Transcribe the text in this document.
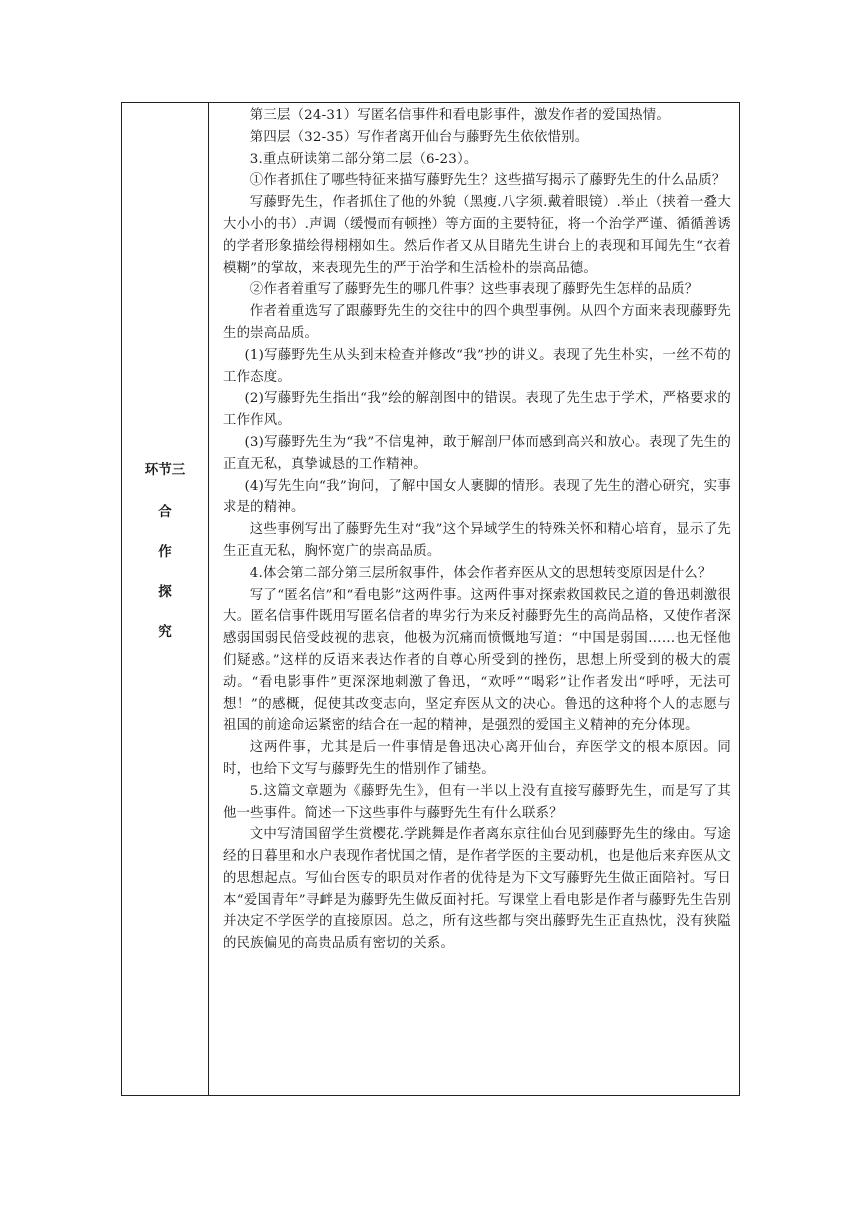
环节三
合
作
探
究

第三层（24-31）写匿名信事件和看电影事件，激发作者的爱国热情。

第四层（32-35）写作者离开仙台与藤野先生依依惜别。

3.重点研读第二部分第二层（6-23）。

①作者抓住了哪些特征来描写藤野先生？这些描写揭示了藤野先生的什么品质？

写藤野先生，作者抓住了他的外貌（黑瘦.八字须.戴着眼镜）.举止（挟着一叠大大小小的书）.声调（缓慢而有顿挫）等方面的主要特征，将一个治学严谨、循循善诱的学者形象描绘得栩栩如生。然后作者又从目睹先生讲台上的表现和耳闻先生“衣着模糊”的掌故，来表现先生的严于治学和生活检朴的崇高品德。

②作者着重写了藤野先生的哪几件事？这些事表现了藤野先生怎样的品质？

作者着重选写了跟藤野先生的交往中的四个典型事例。从四个方面来表现藤野先生的崇高品质。

(1)写藤野先生从头到末检查并修改“我”抄的讲义。表现了先生朴实，一丝不苟的工作态度。

(2)写藤野先生指出“我”绘的解剖图中的错误。表现了先生忠于学术，严格要求的工作作风。

(3)写藤野先生为“我”不信鬼神，敢于解剖尸体而感到高兴和放心。表现了先生的正直无私，真挚诚恳的工作精神。

(4)写先生向“我”询问，了解中国女人裹脚的情形。表现了先生的潜心研究，实事求是的精神。

这些事例写出了藤野先生对“我”这个异域学生的特殊关怀和精心培育，显示了先生正直无私，胸怀宽广的崇高品质。

4.体会第二部分第三层所叙事件，体会作者弃医从文的思想转变原因是什么？

写了“匿名信”和“看电影”这两件事。这两件事对探索救国救民之道的鲁迅刺激很大。匿名信事件既用写匿名信者的卑劣行为来反衬藤野先生的高尚品格，又使作者深感弱国弱民倍受歧视的悲哀，他极为沉痛而愤慨地写道：“中国是弱国……也无怪他们疑惑。”这样的反语来表达作者的自尊心所受到的挫伤，思想上所受到的极大的震动。“看电影事件”更深深地刺激了鲁迅，“欢呼”“喝彩”让作者发出“呼呼，无法可想！”的感概，促使其改变志向，坚定弃医从文的决心。鲁迅的这种将个人的志愿与祖国的前途命运紧密的结合在一起的精神，是强烈的爱国主义精神的充分体现。

这两件事，尤其是后一件事情是鲁迅决心离开仙台，弃医学文的根本原因。同时，也给下文写与藤野先生的惜别作了铺垫。

5.这篇文章题为《藤野先生》，但有一半以上没有直接写藤野先生，而是写了其他一些事件。简述一下这些事件与藤野先生有什么联系？

文中写清国留学生赏樱花.学跳舞是作者离东京往仙台见到藤野先生的缘由。写途经的日暮里和水户表现作者忧国之情，是作者学医的主要动机，也是他后来弃医从文的思想起点。写仙台医专的职员对作者的优待是为下文写藤野先生做正面陪衬。写日本“爱国青年”寻衅是为藤野先生做反面衬托。写课堂上看电影是作者与藤野先生告别并决定不学医学的直接原因。总之，所有这些都与突出藤野先生正直热忱，没有狭隘的民族偏见的高贵品质有密切的关系。
